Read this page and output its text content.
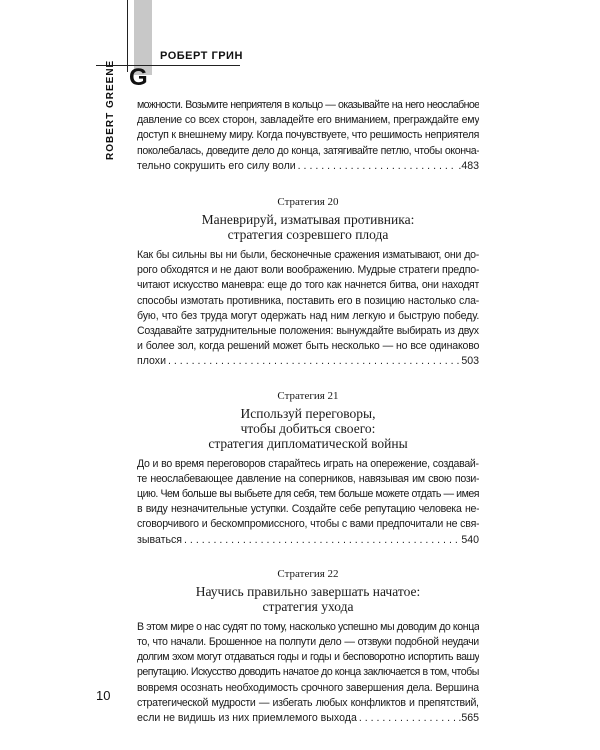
G
РОБЕРТ ГРИН
ROBERT GREENE можности. Возьмите неприятеля в кольцо — оказывайте на него неослабное
давление со всех сторон, завладейте его вниманием, преграждайте ему
доступ к внешнему миру. Когда почувствуете, что решимость неприятеля
поколебалась, доведите дело до конца, затягивайте петлю, чтобы оконча-
тельно сокрушить его силу воли . . .	.483

Стратегия 20

Маневрируй, изматывая противника:

стратегия созревшего плода

Как бы сильны вы ни были, бесконечные сражения изматывают, они до-
рого обходятся и не дают воли воображению. Мудрые стратеги предпо-
читают искусство маневра: еще до того как начнется битва, они находят
способы измотать противника, поставить его в позицию настолько сла-
бую, что без труда могут одержать над ним легкую и быструю победу.
Создавайте затруднительные положения: вынуждайте выбирать из двух
и более зол, когда решений может быть несколько — но все одинаково
плохи . . .	503

Стратегия 21

Используй переговоры,

чтобы добиться своего:

стратегия дипломатической войны

До и во время переговоров старайтесь играть на опережение, создавай-
те неослабевающее давление на соперников, навязывая им свою пози-
цию. Чем больше вы выбьете для себя, тем больше можете отдать — имея
в виду незначительные уступки. Создайте себе репутацию человека не-
сговорчивого и бескомпромиссного, чтобы с вами предпочитали не свя-
зываться . . .	540

Стратегия 22

Научись правильно завершать начатое:

стратегия ухода

В этом мире о нас судят по тому, насколько успешно мы доводим до конца
то, что начали. Брошенное на полпути дело — отзвуки подобной неудачи
долгим эхом могут отдаваться годы и годы и бесповоротно испортить вашу
репутацию. Искусство доводить начатое до конца заключается в том, чтобы
вовремя осознать необходимость срочного завершения дела. Вершина
стратегической мудрости — избегать любых конфликтов и препятствий,
если не видишь из них приемлемого выхода . . .	.565
10
